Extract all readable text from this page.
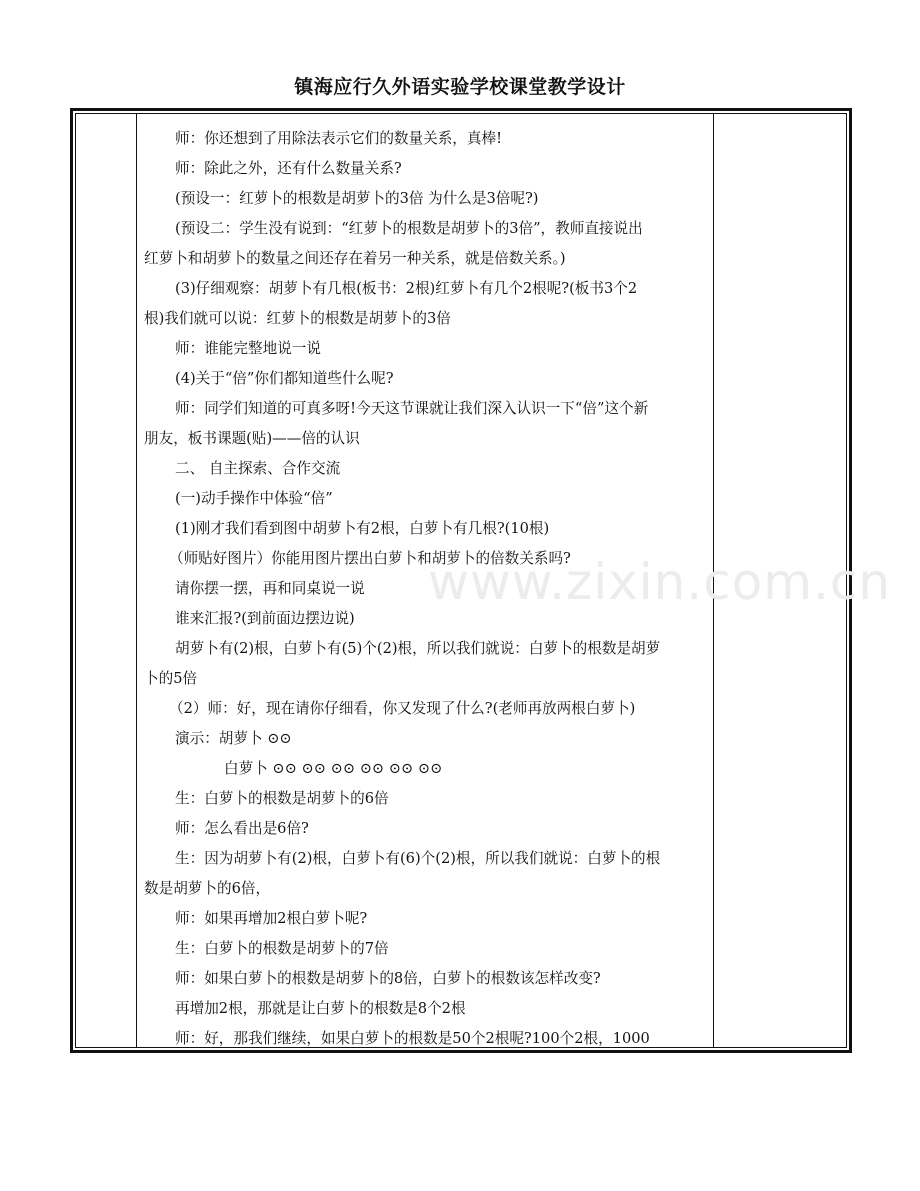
镇海应行久外语实验学校课堂教学设计

师：你还想到了用除法表示它们的数量关系，真棒!

师：除此之外，还有什么数量关系?

(预设一：红萝卜的根数是胡萝卜的3倍 为什么是3倍呢?)

(预设二：学生没有说到：“红萝卜的根数是胡萝卜的3倍”，教师直接说出

红萝卜和胡萝卜的数量之间还存在着另一种关系，就是倍数关系。)

(3)仔细观察：胡萝卜有几根(板书：2根)红萝卜有几个2根呢?(板书3个2

根)我们就可以说：红萝卜的根数是胡萝卜的3倍

师：谁能完整地说一说

(4)关于“倍”你们都知道些什么呢?

师：同学们知道的可真多呀!今天这节课就让我们深入认识一下“倍”这个新

朋友，板书课题(贴)——倍的认识

二、 自主探索、合作交流

(一)动手操作中体验“倍”

(1)刚才我们看到图中胡萝卜有2根，白萝卜有几根?(10根)

（师贴好图片）你能用图片摆出白萝卜和胡萝卜的倍数关系吗?

请你摆一摆，再和同桌说一说

谁来汇报?(到前面边摆边说)

胡萝卜有(2)根，白萝卜有(5)个(2)根，所以我们就说：白萝卜的根数是胡萝

卜的5倍

（2）师：好，现在请你仔细看，你又发现了什么?(老师再放两根白萝卜)

演示：胡萝卜 ⊙⊙

白萝卜 ⊙⊙ ⊙⊙ ⊙⊙ ⊙⊙ ⊙⊙ ⊙⊙

生：白萝卜的根数是胡萝卜的6倍

师：怎么看出是6倍?

生：因为胡萝卜有(2)根，白萝卜有(6)个(2)根，所以我们就说：白萝卜的根

数是胡萝卜的6倍，

师：如果再增加2根白萝卜呢?

生：白萝卜的根数是胡萝卜的7倍

师：如果白萝卜的根数是胡萝卜的8倍，白萝卜的根数该怎样改变?

再增加2根，那就是让白萝卜的根数是8个2根

师：好，那我们继续，如果白萝卜的根数是50个2根呢?100个2根，1000

www.zixin.com.cn
